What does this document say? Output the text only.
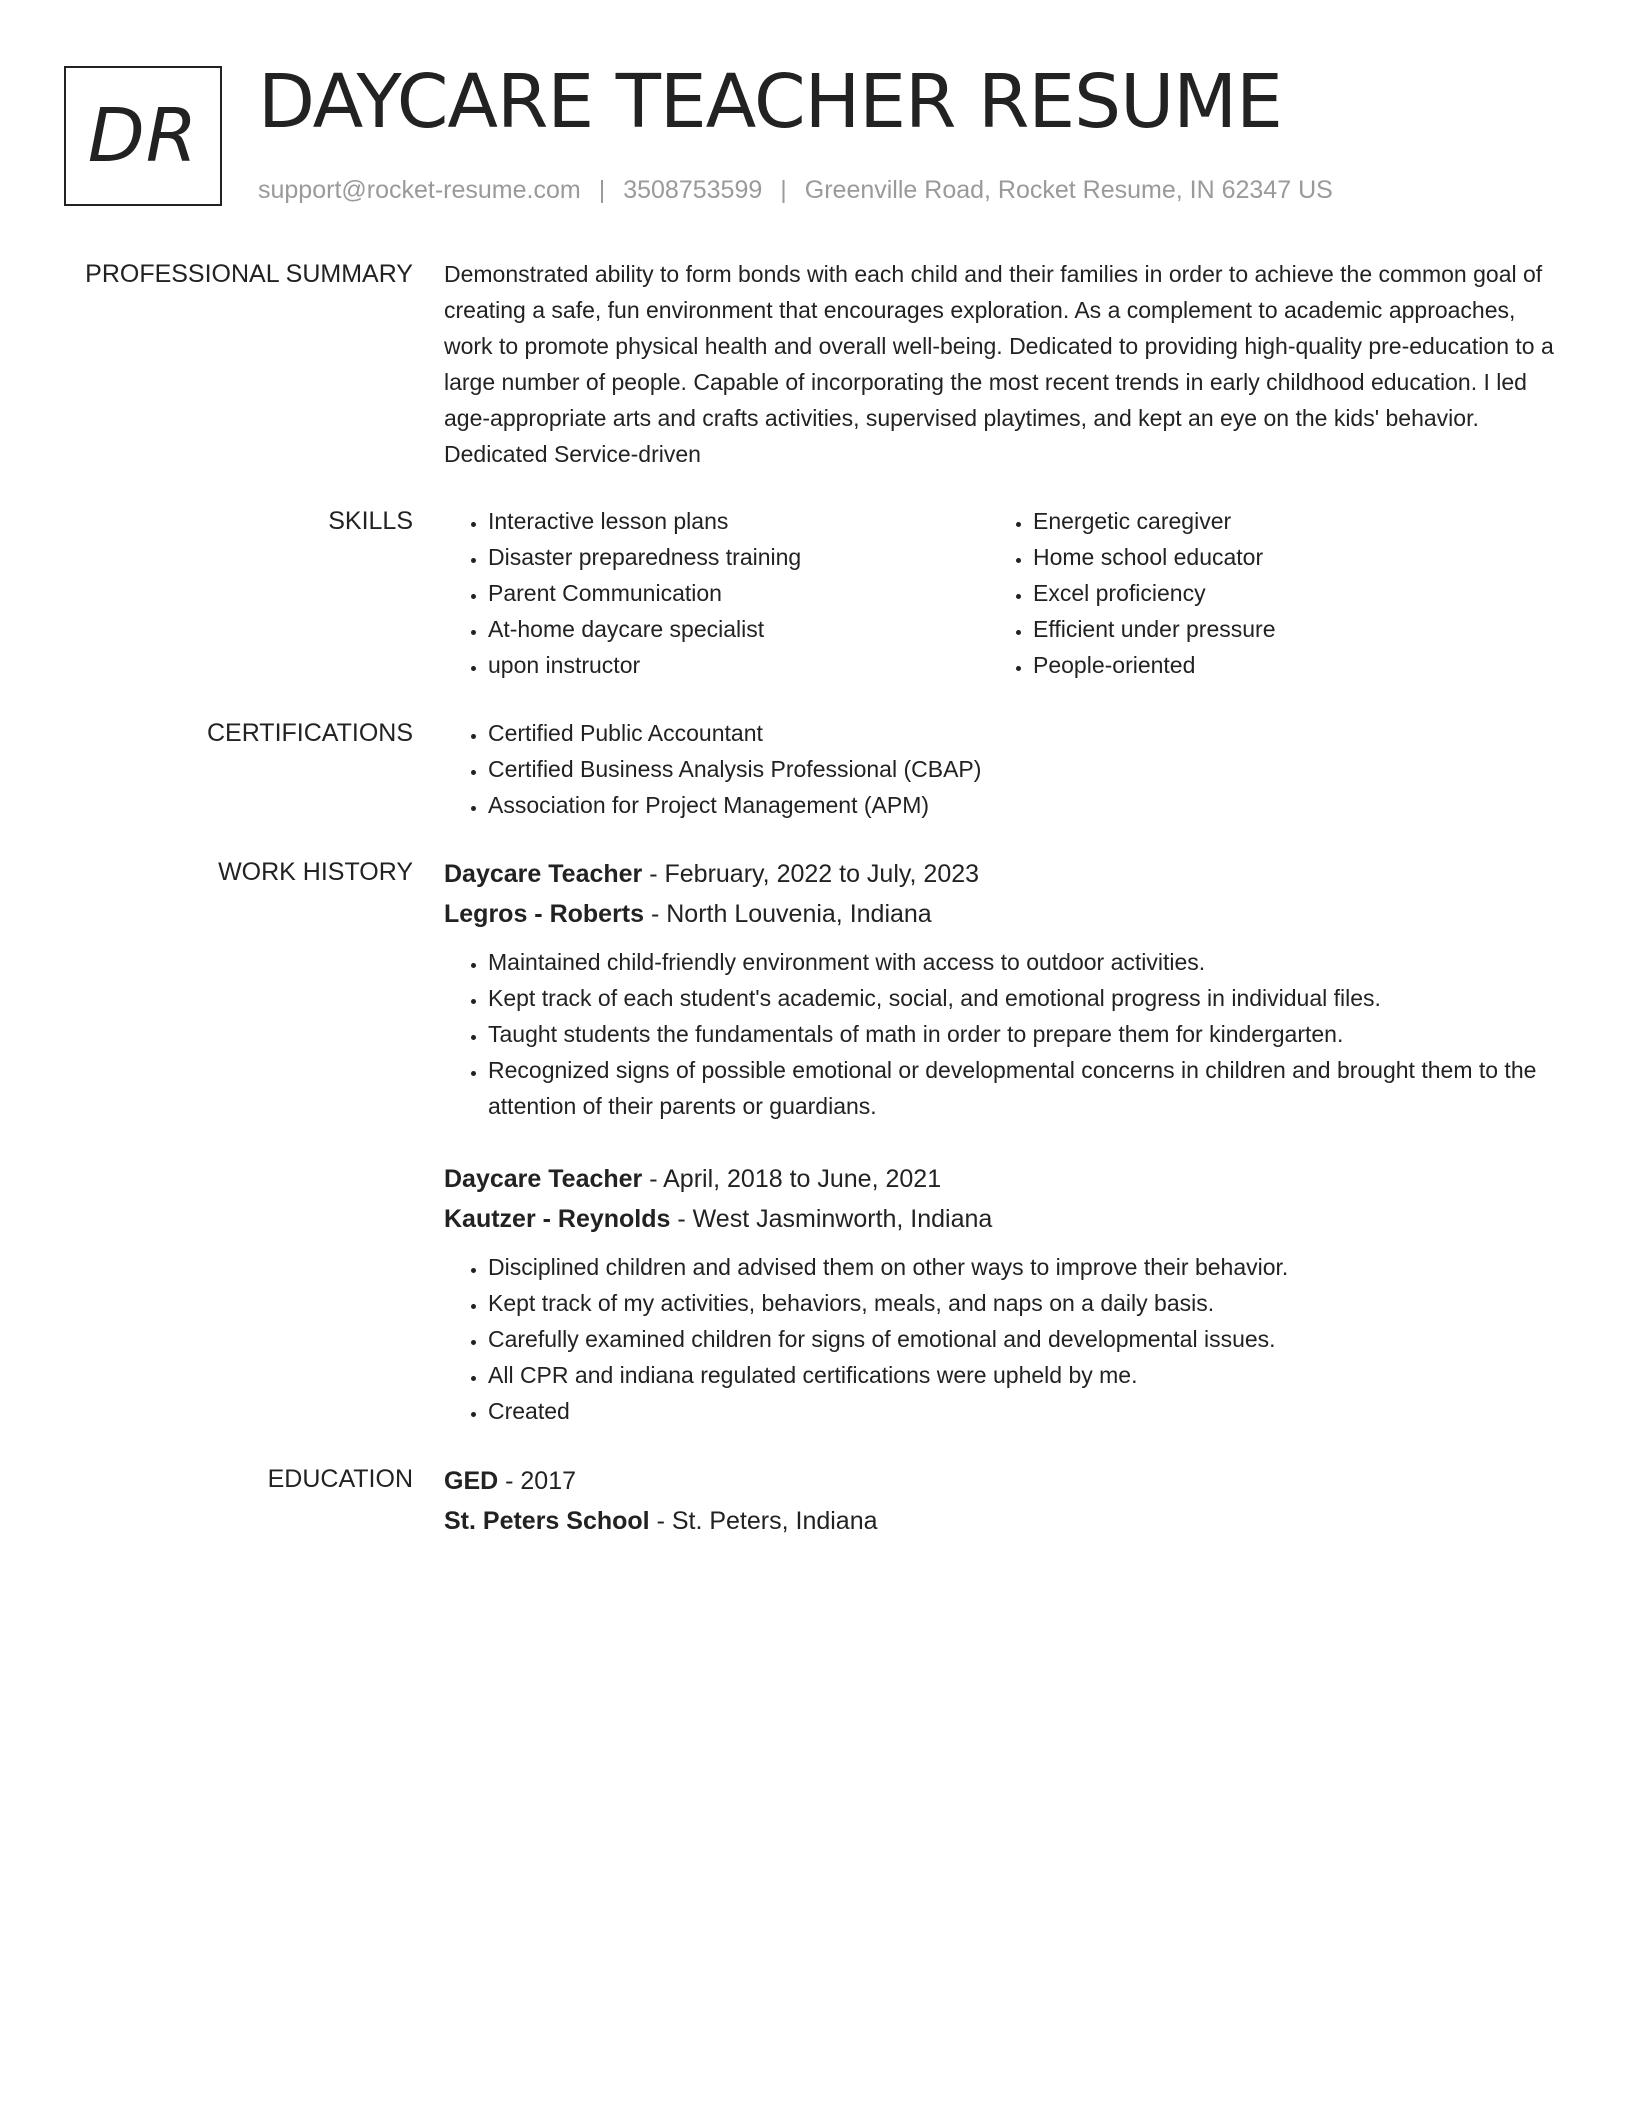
DR DAYCARE TEACHER RESUME
support@rocket-resume.com | 3508753599 | Greenville Road, Rocket Resume, IN 62347 US
PROFESSIONAL SUMMARY Demonstrated ability to form bonds with each child and their families in order to achieve the common goal of creating a safe, fun environment that encourages exploration. As a complement to academic approaches, work to promote physical health and overall well-being. Dedicated to providing high-quality pre-education to a large number of people. Capable of incorporating the most recent trends in early childhood education. I led age-appropriate arts and crafts activities, supervised playtimes, and kept an eye on the kids' behavior. Dedicated Service-driven

SKILLS	• Interactive lesson plans
• Disaster preparedness training
• Parent Communication
• At-home daycare specialist
• upon instructor
• Energetic caregiver
• Home school educator
• Excel proficiency
• Efficient under pressure
• People-oriented
CERTIFICATIONS	• Certified Public Accountant
• Certified Business Analysis Professional (CBAP)
• Association for Project Management (APM)
WORK HISTORY Daycare Teacher - February, 2022 to July, 2023
Legros - Roberts - North Louvenia, Indiana
• Maintained child-friendly environment with access to outdoor activities.
• Kept track of each student's academic, social, and emotional progress in individual files.
• Taught students the fundamentals of math in order to prepare them for kindergarten.
• Recognized signs of possible emotional or developmental concerns in children and brought them to the attention of their parents or guardians.
Daycare Teacher - April, 2018 to June, 2021
Kautzer - Reynolds - West Jasminworth, Indiana
• Disciplined children and advised them on other ways to improve their behavior.
• Kept track of my activities, behaviors, meals, and naps on a daily basis.
• Carefully examined children for signs of emotional and developmental issues.
• All CPR and indiana regulated certifications were upheld by me.
• Created
EDUCATION GED - 2017
St. Peters School - St. Peters, Indiana
